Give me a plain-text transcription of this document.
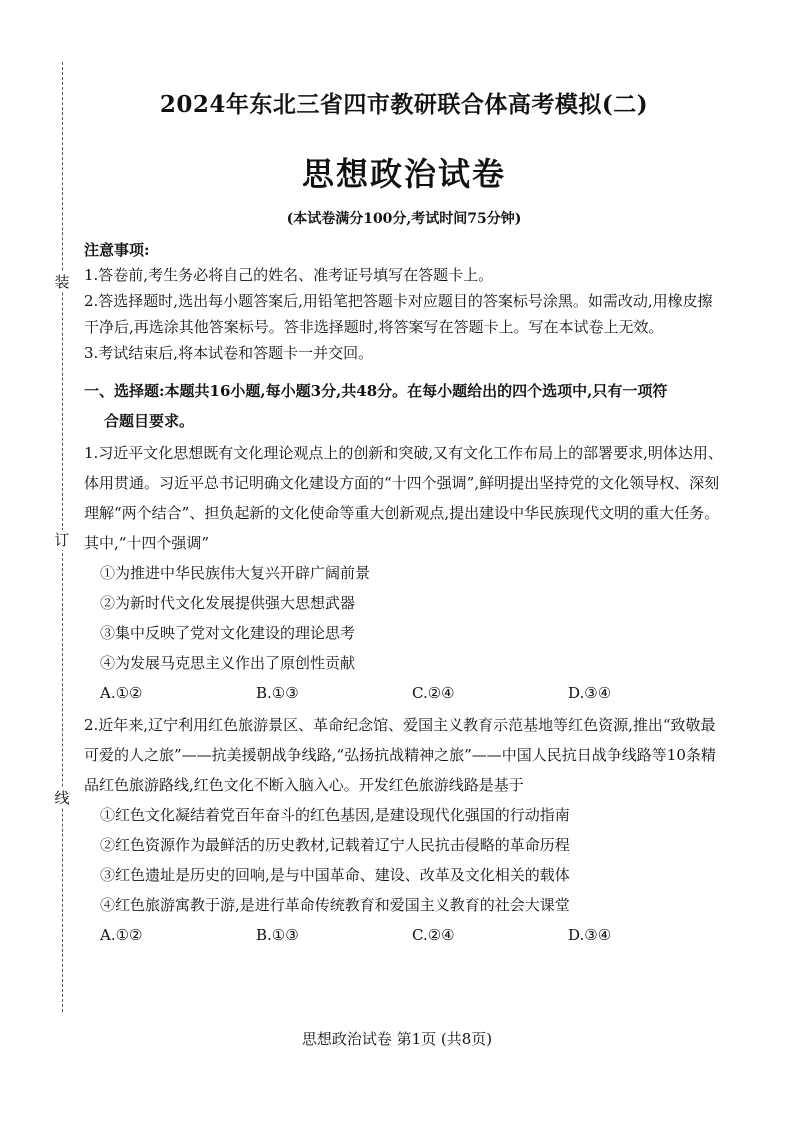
装
订
线
2024年东北三省四市教研联合体高考模拟(二)
思想政治试卷
(本试卷满分100分,考试时间75分钟)
注意事项:
1.答卷前,考生务必将自己的姓名、准考证号填写在答题卡上。
2.答选择题时,选出每小题答案后,用铅笔把答题卡对应题目的答案标号涂黑。如需改动,用橡皮擦干净后,再选涂其他答案标号。答非选择题时,将答案写在答题卡上。写在本试卷上无效。
3.考试结束后,将本试卷和答题卡一并交回。
一、选择题:本题共16小题,每小题3分,共48分。在每小题给出的四个选项中,只有一项符
合题目要求。
1.习近平文化思想既有文化理论观点上的创新和突破,又有文化工作布局上的部署要求,明体达用、体用贯通。习近平总书记明确文化建设方面的“十四个强调”,鲜明提出坚持党的文化领导权、深刻理解“两个结合”、担负起新的文化使命等重大创新观点,提出建设中华民族现代文明的重大任务。其中,“十四个强调”
①为推进中华民族伟大复兴开辟广阔前景
②为新时代文化发展提供强大思想武器
③集中反映了党对文化建设的理论思考
④为发展马克思主义作出了原创性贡献
A.①②	B.①③	C.②④	D.③④
2.近年来,辽宁利用红色旅游景区、革命纪念馆、爱国主义教育示范基地等红色资源,推出“致敬最可爱的人之旅”——抗美援朝战争线路,“弘扬抗战精神之旅”——中国人民抗日战争线路等10条精品红色旅游路线,红色文化不断入脑入心。开发红色旅游线路是基于
①红色文化凝结着党百年奋斗的红色基因,是建设现代化强国的行动指南
②红色资源作为最鲜活的历史教材,记载着辽宁人民抗击侵略的革命历程
③红色遗址是历史的回响,是与中国革命、建设、改革及文化相关的载体
④红色旅游寓教于游,是进行革命传统教育和爱国主义教育的社会大课堂
A.①②	B.①③	C.②④	D.③④
思想政治试卷 第1页 (共8页)
